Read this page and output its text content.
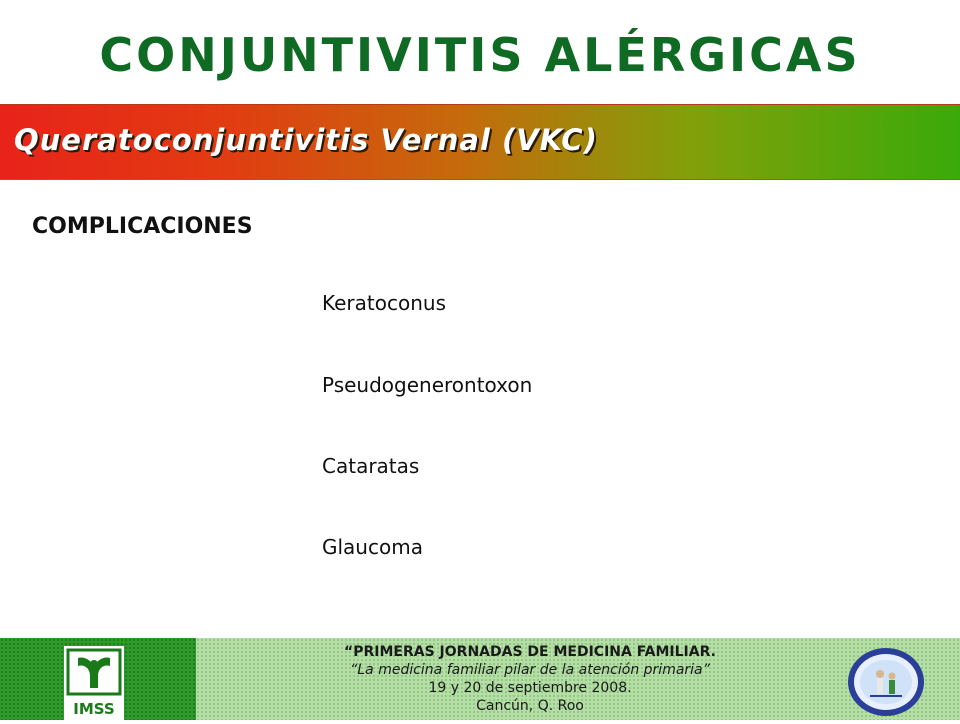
CONJUNTIVITIS ALÉRGICAS
Queratoconjuntivitis Vernal (VKC)
COMPLICACIONES
Keratoconus
Pseudogenerontoxon
Cataratas
Glaucoma
IMSS
“PRIMERAS JORNADAS DE MEDICINA FAMILIAR.
“La medicina familiar pilar de la atención primaria”
19 y 20 de septiembre 2008.
Cancún, Q. Roo
